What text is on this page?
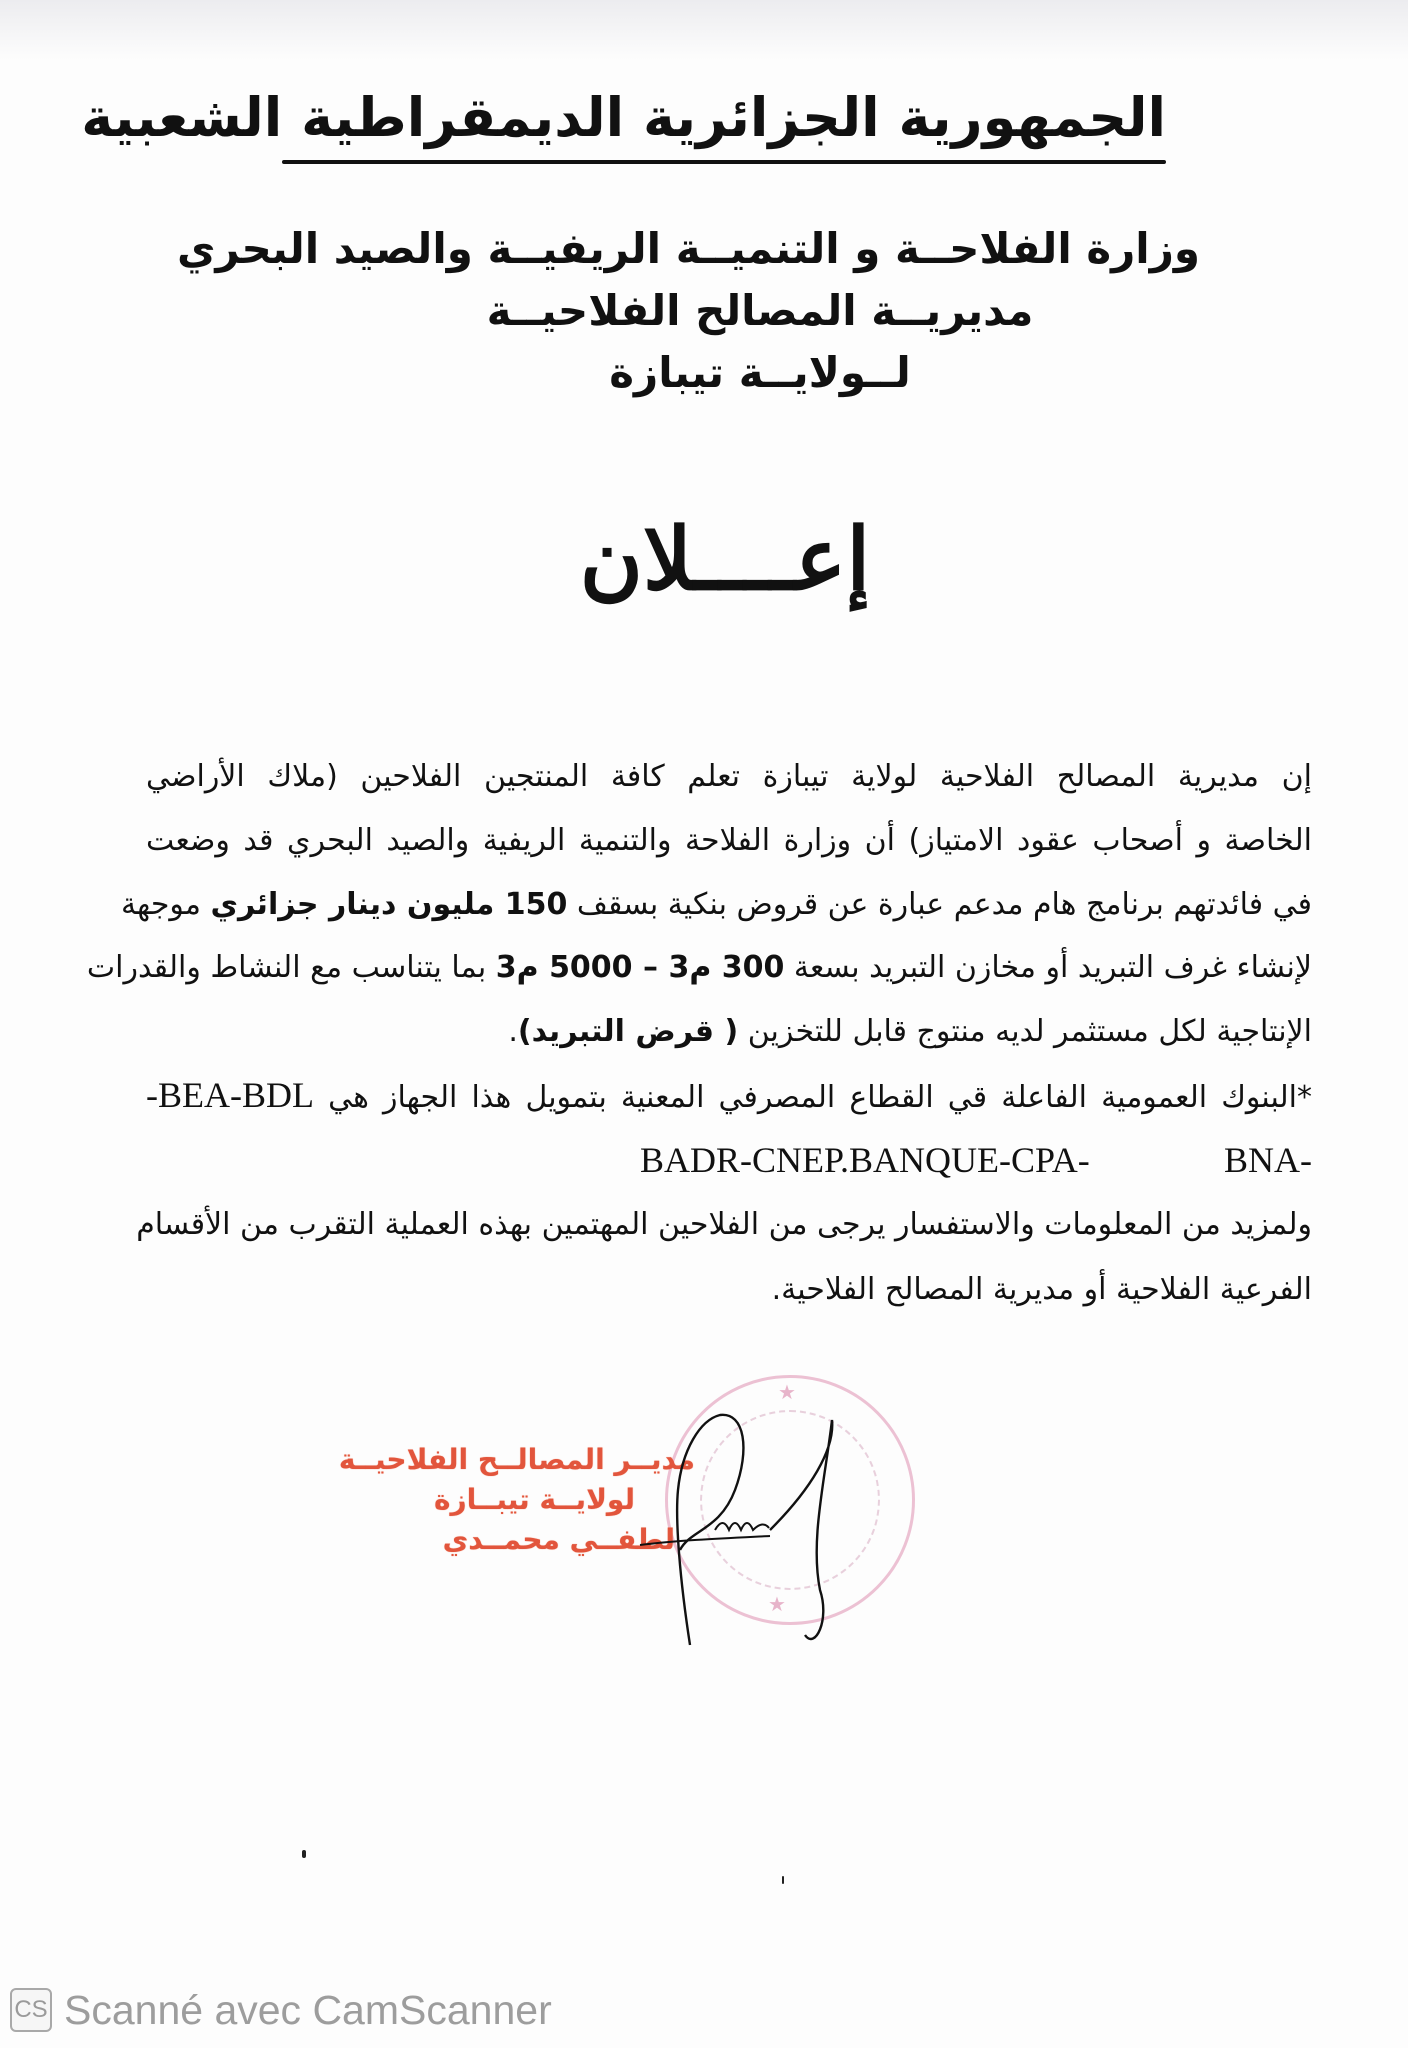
الجمهورية الجزائرية الديمقراطية الشعبية
وزارة الفلاحــة و التنميــة الريفيــة والصيد البحري
مديريــة المصالح الفلاحيــة
لــولايــة تيبازة
إعــــلان
إن مديرية المصالح الفلاحية لولاية تيبازة تعلم كافة المنتجين الفلاحين (ملاك الأراضي
الخاصة و أصحاب عقود الامتياز) أن وزارة الفلاحة والتنمية الريفية والصيد البحري قد وضعت
في فائدتهم برنامج هام مدعم عبارة عن قروض بنكية بسقف 150 مليون دينار جزائري موجهة
لإنشاء غرف التبريد أو مخازن التبريد بسعة 300 م3 – 5000 م3 بما يتناسب مع النشاط والقدرات
الإنتاجية لكل مستثمر لديه منتوج قابل للتخزين ( قرض التبريد).
*البنوك العمومية الفاعلة قي القطاع المصرفي المعنية بتمويل هذا الجهاز هي BEA-BDL-
BADR-CNEP.BANQUE-CPA- BNA-
ولمزيد من المعلومات والاستفسار يرجى من الفلاحين المهتمين بهذه العملية التقرب من الأقسام
الفرعية الفلاحية أو مديرية المصالح الفلاحية.
★
★
مديــر المصالــح الفلاحيــة
لولايــة تيبــازة
لطفــي محمــدي
CS Scanné avec CamScanner
